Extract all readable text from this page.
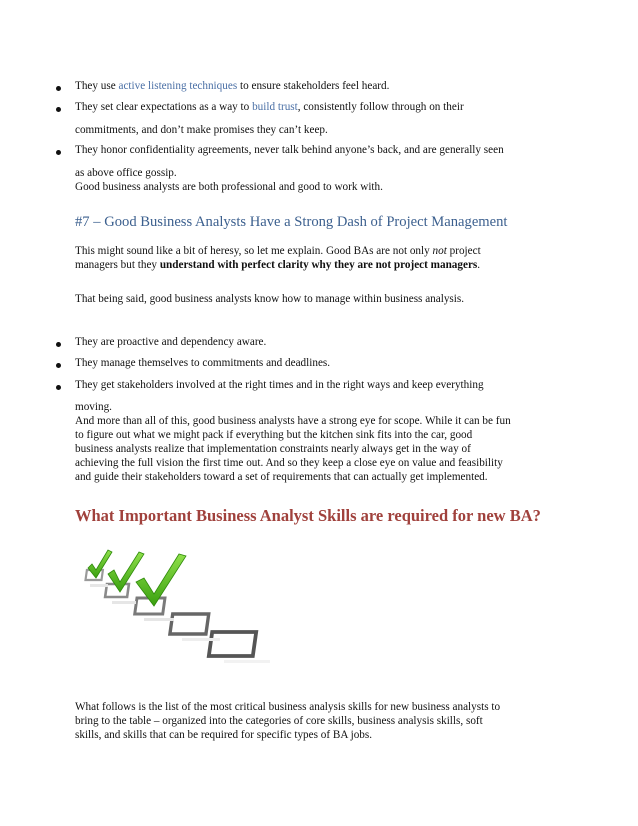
They use active listening techniques to ensure stakeholders feel heard.
They set clear expectations as a way to build trust, consistently follow through on their
commitments, and don’t make promises they can’t keep.
They honor confidentiality agreements, never talk behind anyone’s back, and are generally seen
as above office gossip.
Good business analysts are both professional and good to work with.
#7 – Good Business Analysts Have a Strong Dash of Project Management
This might sound like a bit of heresy, so let me explain. Good BAs are not only not project
managers but they understand with perfect clarity why they are not project managers.
That being said, good business analysts know how to manage within business analysis.
They are proactive and dependency aware.
They manage themselves to commitments and deadlines.
They get stakeholders involved at the right times and in the right ways and keep everything
moving.
And more than all of this, good business analysts have a strong eye for scope. While it can be fun
to figure out what we might pack if everything but the kitchen sink fits into the car, good
business analysts realize that implementation constraints nearly always get in the way of
achieving the full vision the first time out. And so they keep a close eye on value and feasibility
and guide their stakeholders toward a set of requirements that can actually get implemented.
What Important Business Analyst Skills are required for new BA?
What follows is the list of the most critical business analysis skills for new business analysts to
bring to the table – organized into the categories of core skills, business analysis skills, soft
skills, and skills that can be required for specific types of BA jobs.
